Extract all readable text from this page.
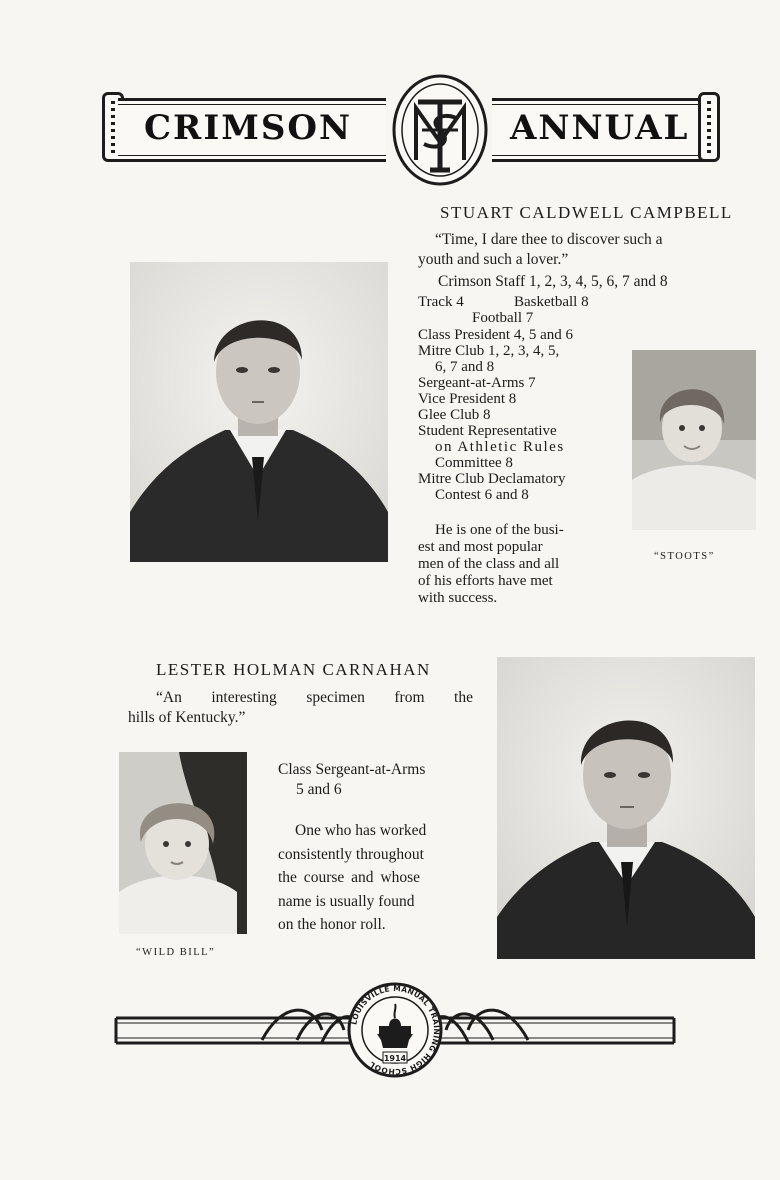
CRIMSON	ANNUAL
STUART CALDWELL CAMPBELL
“Time, I dare thee to discover such a
youth and such a lover.”
Crimson Staff 1, 2, 3, 4, 5, 6, 7 and 8
Track 4	Basketball 8
Football 7
Class President 4, 5 and 6
Mitre Club 1, 2, 3, 4, 5,
6, 7 and 8
Sergeant-at-Arms 7
Vice President 8
Glee Club 8
Student Representative
on Athletic Rules
Committee 8
Mitre Club Declamatory
Contest 6 and 8
He is one of the busi-
est and most popular
men of the class and all
of his efforts have met
with success.
“STOOTS”
LESTER HOLMAN CARNAHAN
“An interesting specimen from the
hills of Kentucky.”
Class Sergeant-at-Arms
5 and 6
One who has worked
consistently throughout
the course and whose
name is usually found
on the honor roll.
“WILD BILL”
LOUISVILLE MANUAL TRAINING HIGH SCHOOL
1914
